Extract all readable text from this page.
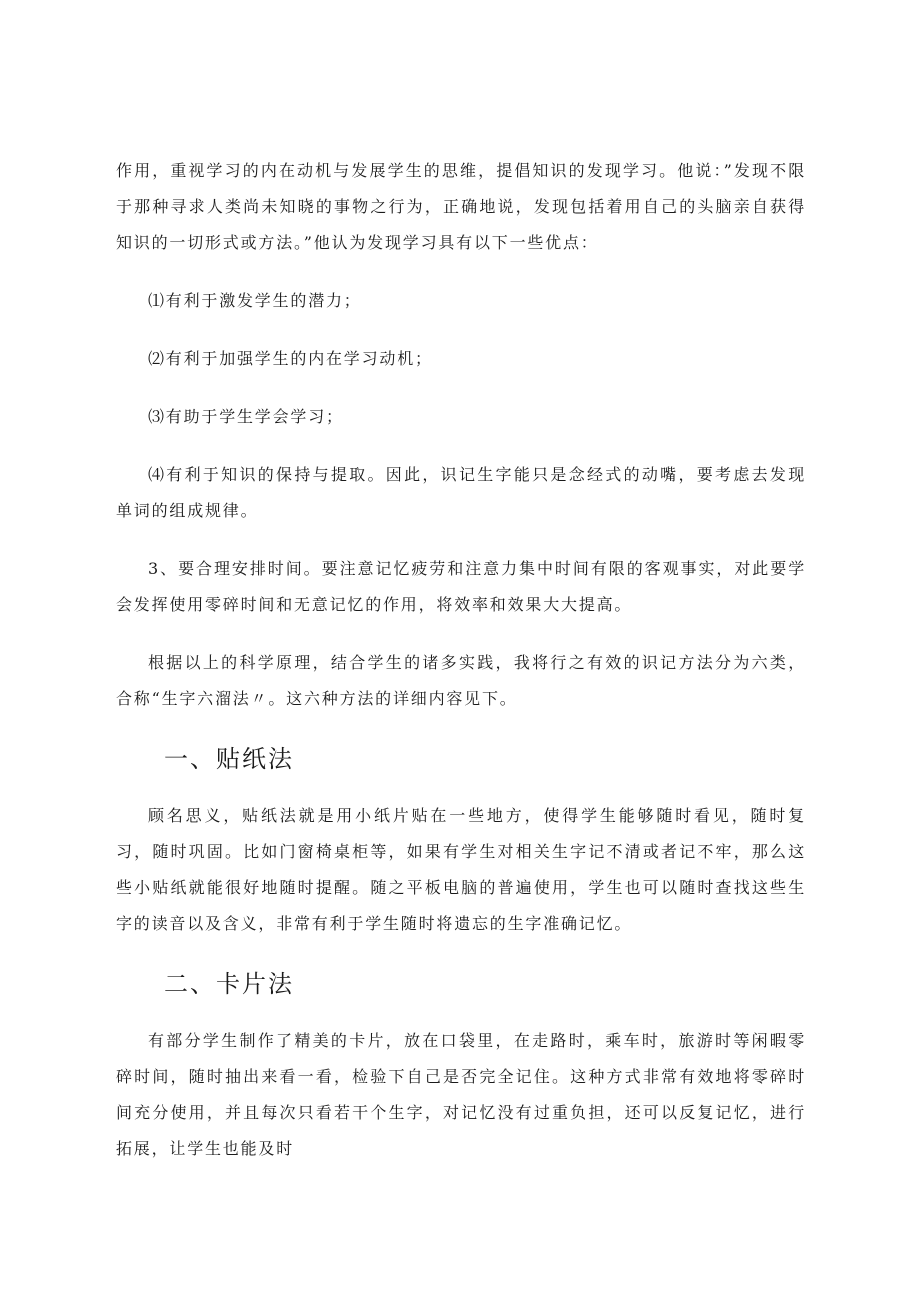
作用，重视学习的内在动机与发展学生的思维，提倡知识的发现学习。他说：”发现不限于那种寻求人类尚未知晓的事物之行为，正确地说，发现包括着用自己的头脑亲自获得知识的一切形式或方法。”他认为发现学习具有以下一些优点：

⑴有利于激发学生的潜力；

⑵有利于加强学生的内在学习动机；

⑶有助于学生学会学习；

⑷有利于知识的保持与提取。因此，识记生字能只是念经式的动嘴，要考虑去发现单词的组成规律。

3、要合理安排时间。要注意记忆疲劳和注意力集中时间有限的客观事实，对此要学会发挥使用零碎时间和无意记忆的作用，将效率和效果大大提高。

根据以上的科学原理，结合学生的诸多实践，我将行之有效的识记方法分为六类，合称“生字六溜法〃。这六种方法的详细内容见下。

一、贴纸法

顾名思义，贴纸法就是用小纸片贴在一些地方，使得学生能够随时看见，随时复习，随时巩固。比如门窗椅桌柜等，如果有学生对相关生字记不清或者记不牢，那么这些小贴纸就能很好地随时提醒。随之平板电脑的普遍使用，学生也可以随时查找这些生字的读音以及含义，非常有利于学生随时将遗忘的生字准确记忆。

二、卡片法

有部分学生制作了精美的卡片，放在口袋里，在走路时，乘车时，旅游时等闲暇零碎时间，随时抽出来看一看，检验下自己是否完全记住。这种方式非常有效地将零碎时间充分使用，并且每次只看若干个生字，对记忆没有过重负担，还可以反复记忆，进行拓展，让学生也能及时
